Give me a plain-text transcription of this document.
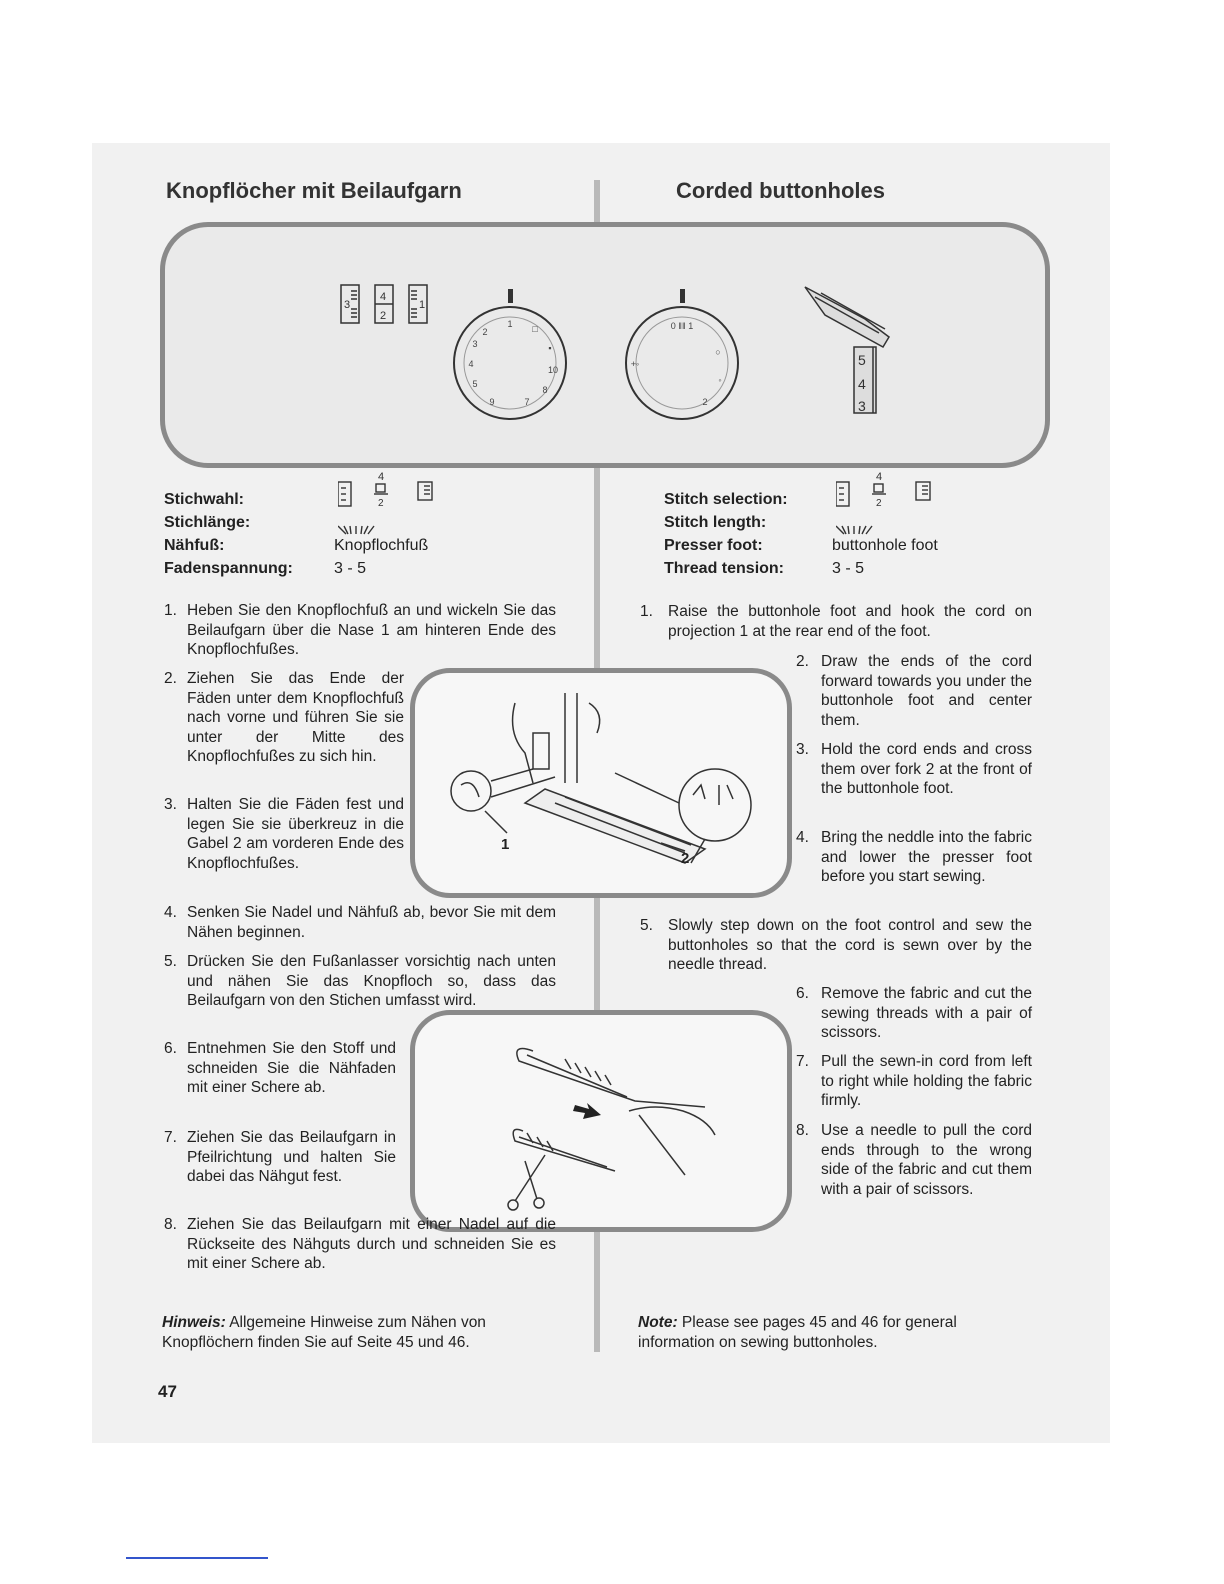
Knopflöcher mit Beilaufgarn	Corded buttonholes
3
4
2
1
1 □
▪
10
8
7
9
5
4
3
2
0 ‖‖ 1
+◦
○
◦
2
5
4
3
Stichwahl:
Stichlänge:
Nähfuß:	Knopflochfuß
Fadenspannung:	3 - 5
4
2	Stitch selection:
Stitch length:
Presser foot:	buttonhole foot
Thread tension:	3 - 5
4
2
1
2
1. Heben Sie den Knopflochfuß an und wickeln Sie das Beilaufgarn über die Nase 1 am hinteren Ende des Knopflochfußes.
2. Ziehen Sie das Ende der Fäden unter dem Knopflochfuß nach vorne und führen Sie sie unter der Mitte des Knopflochfußes zu sich hin.
3. Halten Sie die Fäden fest und legen Sie sie überkreuz in die Gabel 2 am vorderen Ende des Knopflochfußes.
4. Senken Sie Nadel und Nähfuß ab, bevor Sie mit dem Nähen beginnen.
5. Drücken Sie den Fußanlasser vorsichtig nach unten und nähen Sie das Knopfloch so, dass das Beilaufgarn von den Stichen umfasst wird.
6. Entnehmen Sie den Stoff und schneiden Sie die Nähfaden mit einer Schere ab.
7. Ziehen Sie das Beilaufgarn in Pfeilrichtung und halten Sie dabei das Nähgut fest.
8. Ziehen Sie das Beilaufgarn mit einer Nadel auf die Rückseite des Nähguts durch und schneiden Sie es mit einer Schere ab.
1. Raise the buttonhole foot and hook the cord on projection 1 at the rear end of the foot.
2. Draw the ends of the cord forward towards you under the buttonhole foot and center them.
3. Hold the cord ends and cross them over fork 2 at the front of the buttonhole foot.
4. Bring the neddle into the fabric and lower the presser foot before you start sewing.
5. Slowly step down on the foot control and sew the buttonholes so that the cord is sewn over by the needle thread.
6. Remove the fabric and cut the sewing threads with a pair of scissors.
7. Pull the sewn-in cord from left to right while holding the fabric firmly.
8. Use a needle to pull the cord ends through to the wrong side of the fabric and cut them with a pair of scissors.
Hinweis: Allgemeine Hinweise zum Nähen von Knopflöchern finden Sie auf Seite 45 und 46.
Note: Please see pages 45 and 46 for general information on sewing buttonholes.
47
